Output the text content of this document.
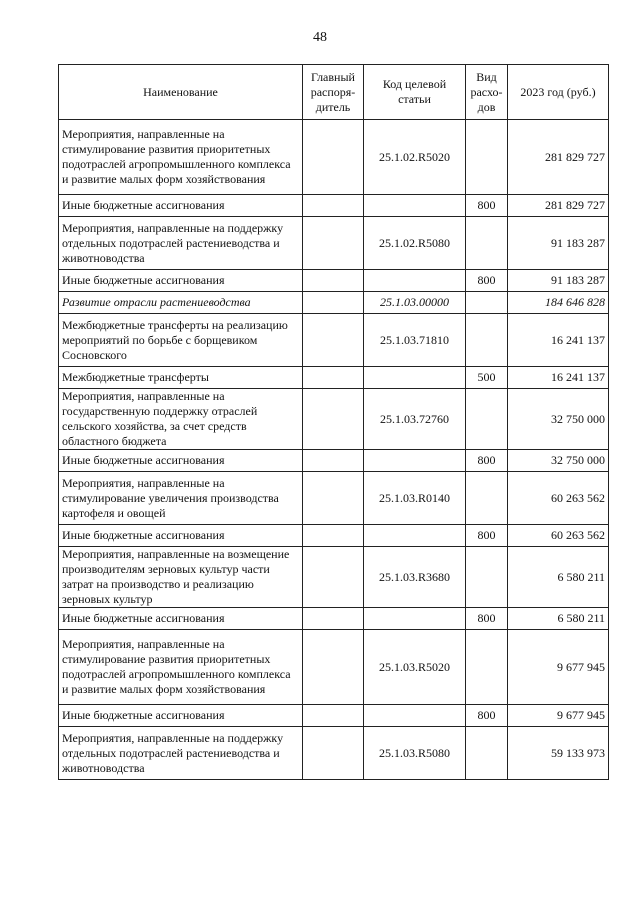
48
Наименование	Главный распоря-дитель	Код целевой статьи	Вид расхо-дов	2023 год (руб.)
Мероприятия, направленные на стимулирование развития приоритетных подотраслей агропромышленного комплекса и развитие малых форм хозяйствования		25.1.02.R5020		281 829 727
Иные бюджетные ассигнования			800	281 829 727
Мероприятия, направленные на поддержку отдельных подотраслей растениеводства и животноводства		25.1.02.R5080		91 183 287
Иные бюджетные ассигнования			800	91 183 287
Развитие отрасли растениеводства		25.1.03.00000		184 646 828
Межбюджетные трансферты на реализацию мероприятий по борьбе с борщевиком Сосновского		25.1.03.71810		16 241 137
Межбюджетные трансферты			500	16 241 137
Мероприятия, направленные на государственную поддержку отраслей сельского хозяйства, за счет средств областного бюджета		25.1.03.72760		32 750 000
Иные бюджетные ассигнования			800	32 750 000
Мероприятия, направленные на стимулирование увеличения производства картофеля и овощей		25.1.03.R0140		60 263 562
Иные бюджетные ассигнования			800	60 263 562
Мероприятия, направленные на возмещение производителям зерновых культур части затрат на производство и реализацию зерновых культур		25.1.03.R3680		6 580 211
Иные бюджетные ассигнования			800	6 580 211
Мероприятия, направленные на стимулирование развития приоритетных подотраслей агропромышленного комплекса и развитие малых форм хозяйствования		25.1.03.R5020		9 677 945
Иные бюджетные ассигнования			800	9 677 945
Мероприятия, направленные на поддержку отдельных подотраслей растениеводства и животноводства		25.1.03.R5080		59 133 973
